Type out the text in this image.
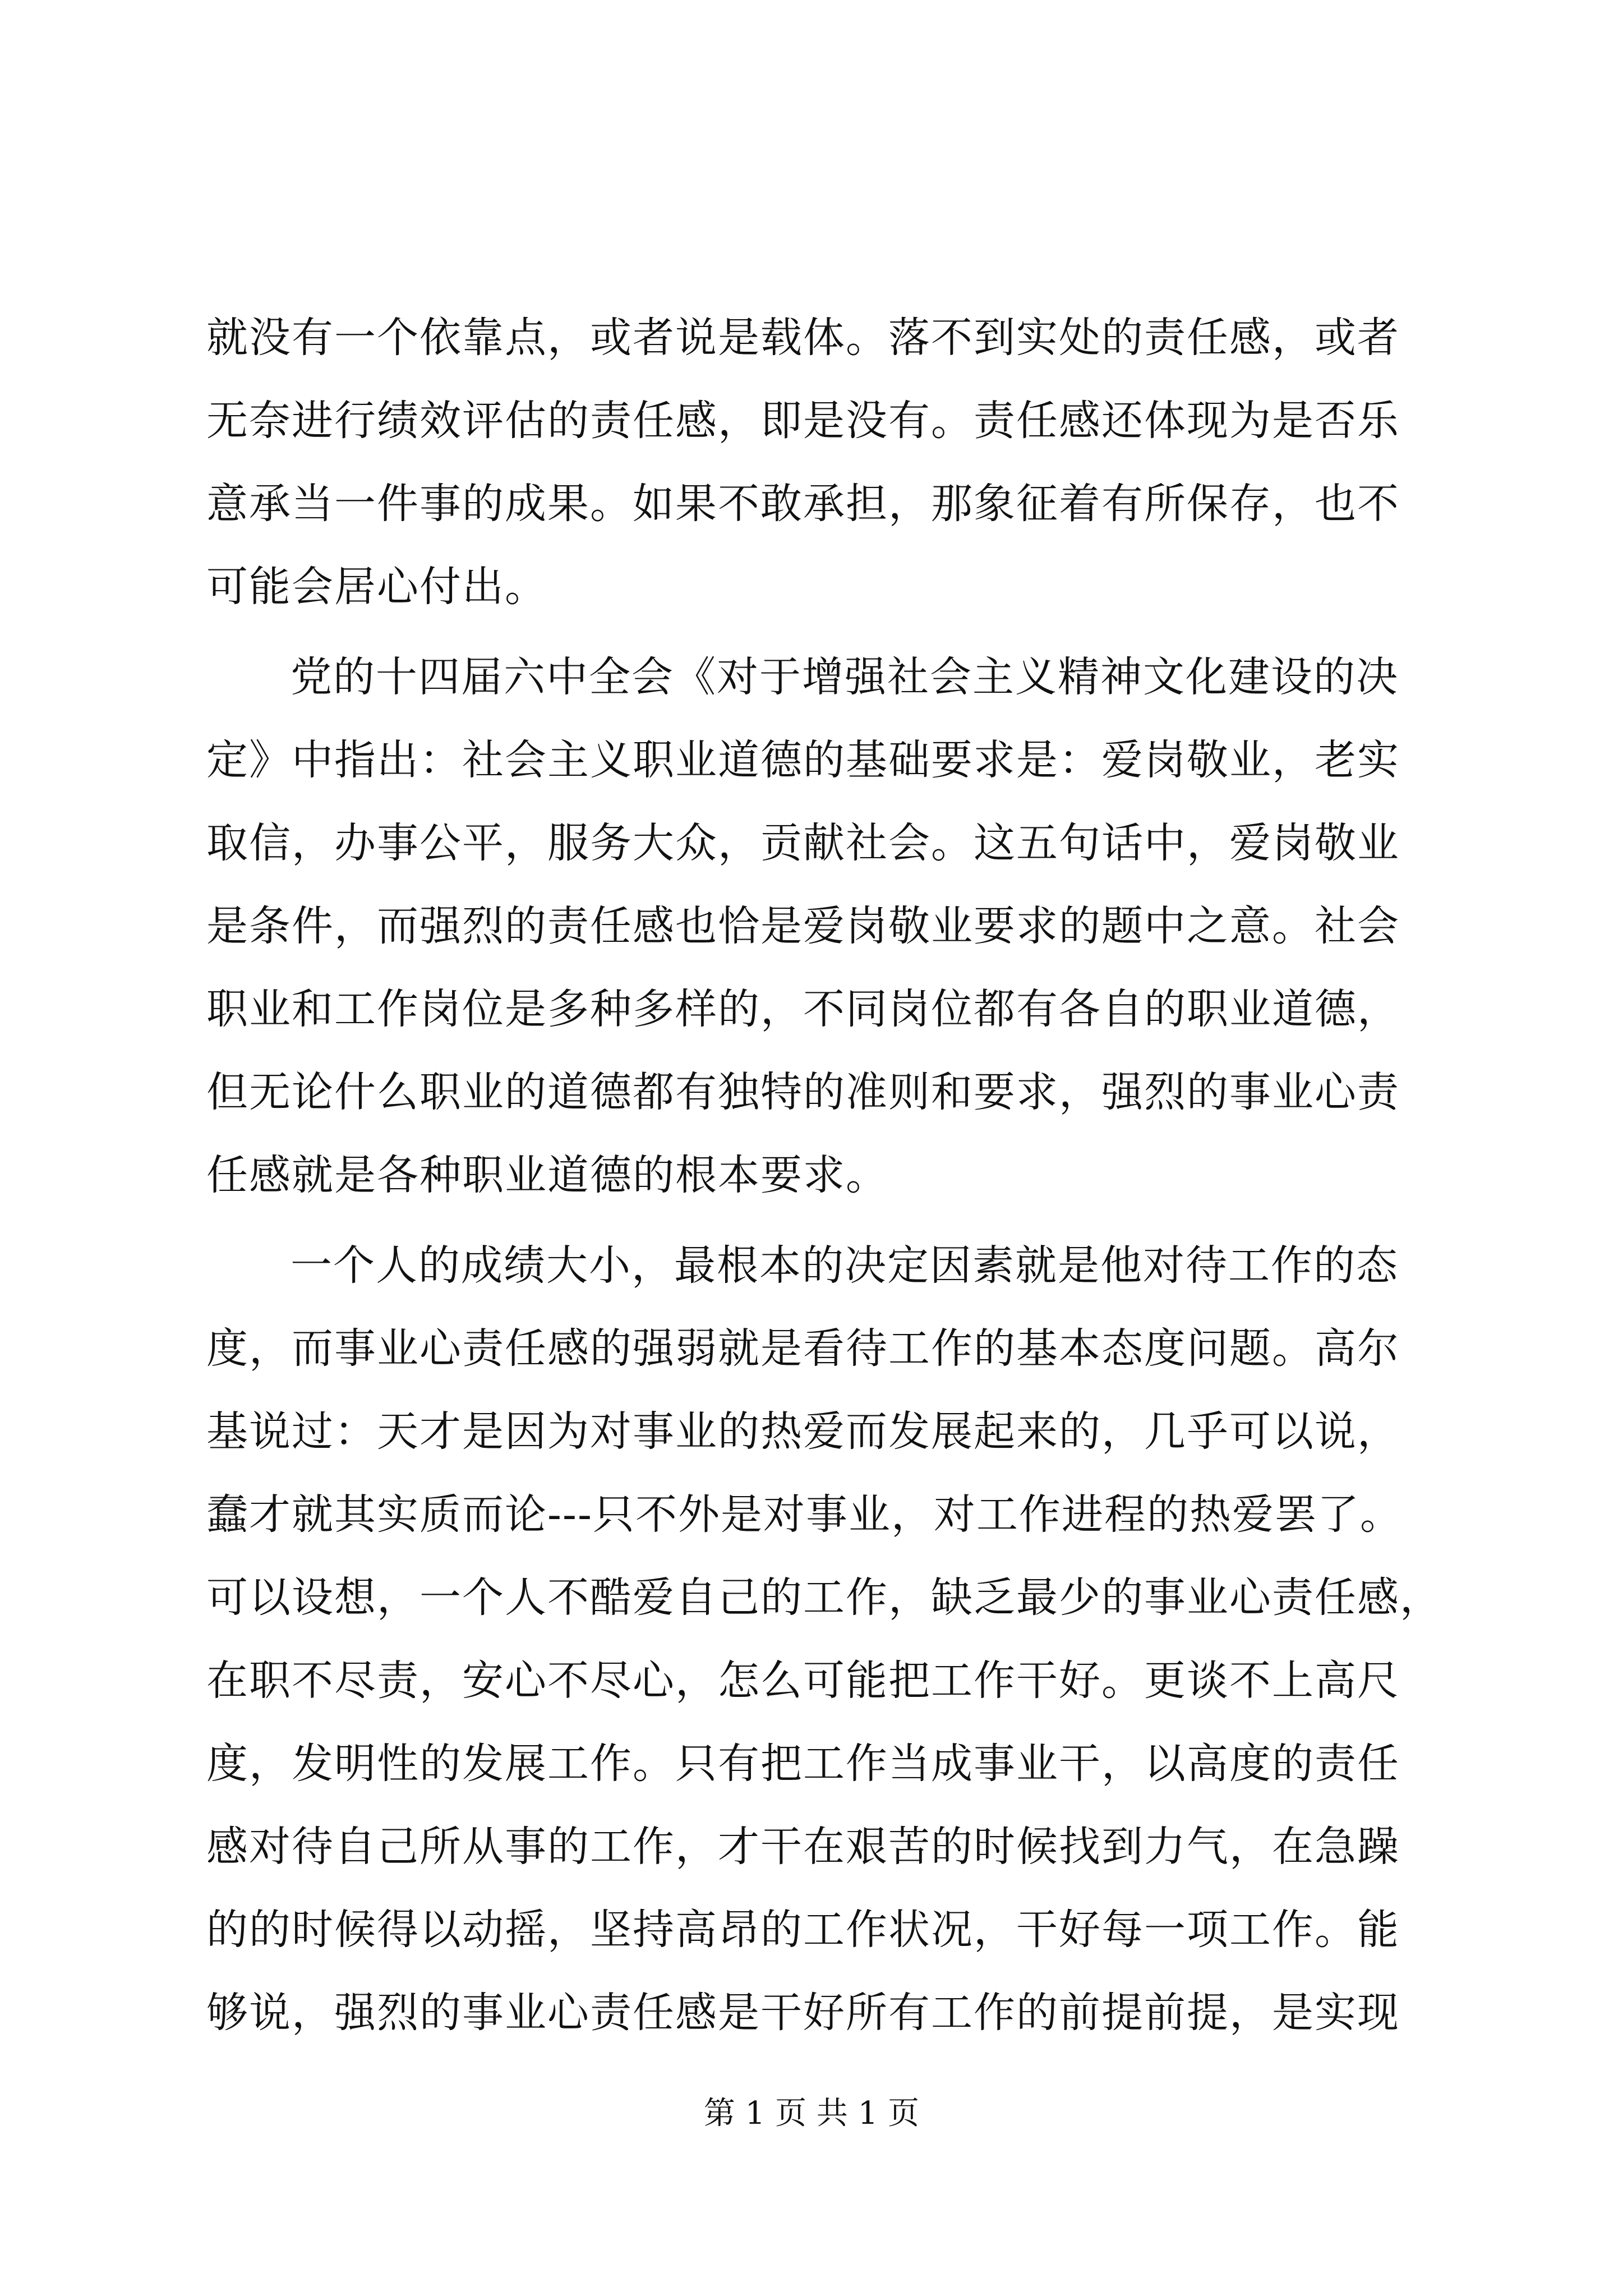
就没有一个依靠点，或者说是载体。落不到实处的责任感，或者
无奈进行绩效评估的责任感，即是没有。责任感还体现为是否乐
意承当一件事的成果。如果不敢承担，那象征着有所保存，也不
可能会居心付出。
党的十四届六中全会《对于增强社会主义精神文化建设的决
定》中指出：社会主义职业道德的基础要求是：爱岗敬业，老实
取信，办事公平，服务大众，贡献社会。这五句话中，爱岗敬业
是条件，而强烈的责任感也恰是爱岗敬业要求的题中之意。社会
职业和工作岗位是多种多样的，不同岗位都有各自的职业道德，
但无论什么职业的道德都有独特的准则和要求，强烈的事业心责
任感就是各种职业道德的根本要求。
一个人的成绩大小，最根本的决定因素就是他对待工作的态
度，而事业心责任感的强弱就是看待工作的基本态度问题。高尔
基说过：天才是因为对事业的热爱而发展起来的，几乎可以说，
蠢才就其实质而论---只不外是对事业，对工作进程的热爱罢了。
可以设想，一个人不酷爱自己的工作，缺乏最少的事业心责任感，
在职不尽责，安心不尽心，怎么可能把工作干好。更谈不上高尺
度，发明性的发展工作。只有把工作当成事业干，以高度的责任
感对待自己所从事的工作，才干在艰苦的时候找到力气，在急躁
的的时候得以动摇，坚持高昂的工作状况，干好每一项工作。能
够说，强烈的事业心责任感是干好所有工作的前提前提，是实现
第 1 页 共 1 页
